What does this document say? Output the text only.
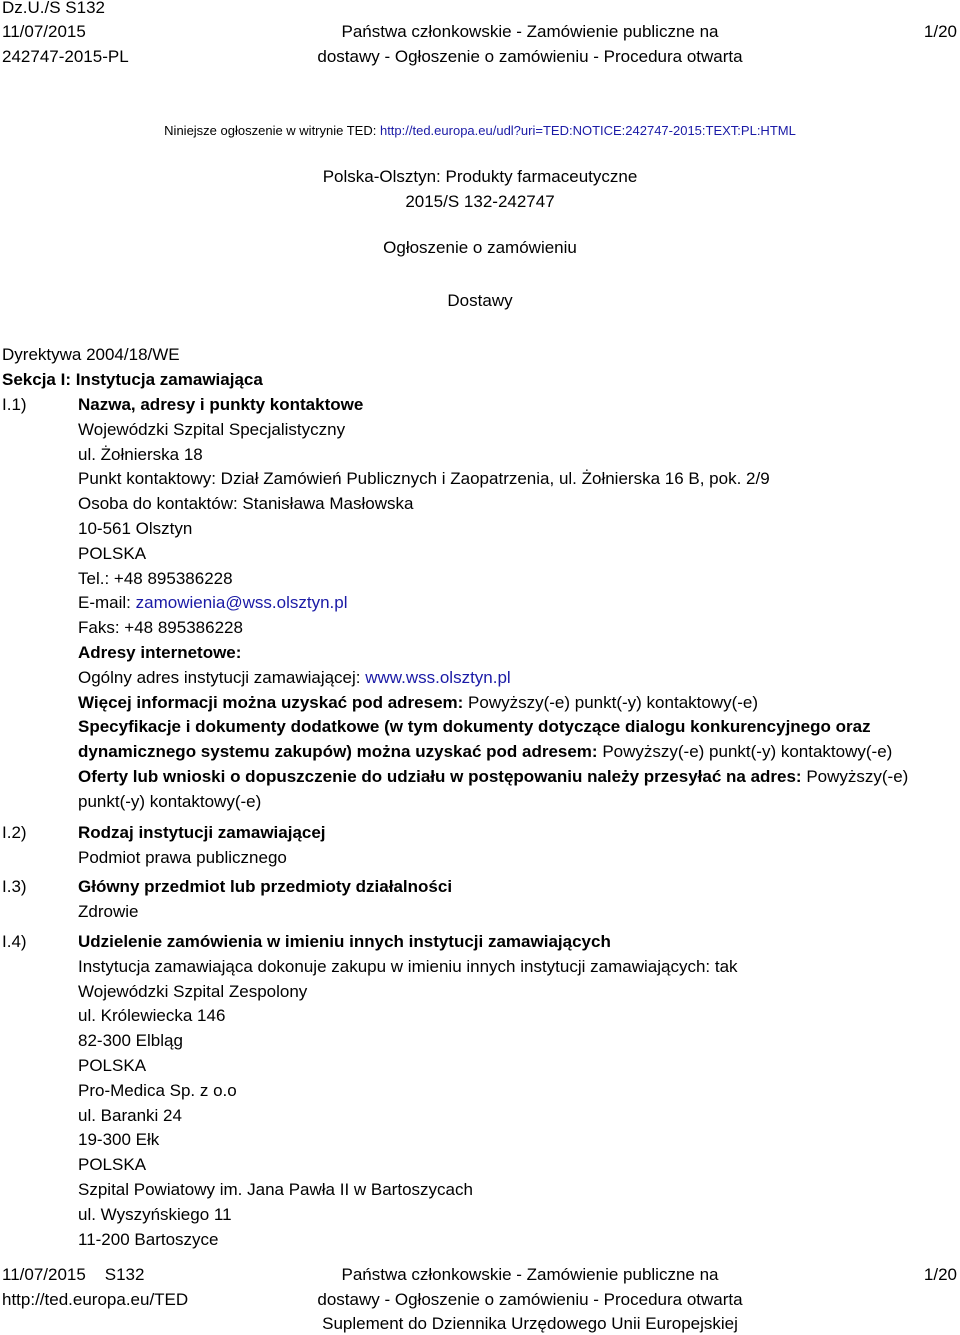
Dz.U./S S132
11/07/2015
242747-2015-PL
Państwa członkowskie - Zamówienie publiczne na
dostawy - Ogłoszenie o zamówieniu - Procedura otwarta
1/20
Niniejsze ogłoszenie w witrynie TED: http://ted.europa.eu/udl?uri=TED:NOTICE:242747-2015:TEXT:PL:HTML
Polska-Olsztyn: Produkty farmaceutyczne
2015/S 132-242747
Ogłoszenie o zamówieniu
Dostawy
Dyrektywa 2004/18/WE
Sekcja I: Instytucja zamawiająca
I.1)	Nazwa, adresy i punkty kontaktowe
Wojewódzki Szpital Specjalistyczny
ul. Żołnierska 18
Punkt kontaktowy: Dział Zamówień Publicznych i Zaopatrzenia, ul. Żołnierska 16 B, pok. 2/9
Osoba do kontaktów: Stanisława Masłowska
10-561 Olsztyn
POLSKA
Tel.: +48 895386228
E-mail: zamowienia@wss.olsztyn.pl
Faks: +48 895386228
Adresy internetowe:
Ogólny adres instytucji zamawiającej: www.wss.olsztyn.pl
Więcej informacji można uzyskać pod adresem: Powyższy(-e) punkt(-y) kontaktowy(-e)
Specyfikacje i dokumenty dodatkowe (w tym dokumenty dotyczące dialogu konkurencyjnego oraz dynamicznego systemu zakupów) można uzyskać pod adresem: Powyższy(-e) punkt(-y) kontaktowy(-e)
Oferty lub wnioski o dopuszczenie do udziału w postępowaniu należy przesyłać na adres: Powyższy(-e) punkt(-y) kontaktowy(-e)
I.2)	Rodzaj instytucji zamawiającej
Podmiot prawa publicznego
I.3)	Główny przedmiot lub przedmioty działalności
Zdrowie
I.4)	Udzielenie zamówienia w imieniu innych instytucji zamawiających
Instytucja zamawiająca dokonuje zakupu w imieniu innych instytucji zamawiających: tak
Wojewódzki Szpital Zespolony
ul. Królewiecka 146
82-300 Elbląg
POLSKA
Pro-Medica Sp. z o.o
ul. Baranki 24
19-300 Ełk
POLSKA
Szpital Powiatowy im. Jana Pawła II w Bartoszycach
ul. Wyszyńskiego 11
11-200 Bartoszyce
11/07/2015 S132
http://ted.europa.eu/TED
Państwa członkowskie - Zamówienie publiczne na
dostawy - Ogłoszenie o zamówieniu - Procedura otwarta
Suplement do Dziennika Urzędowego Unii Europejskiej
1/20
